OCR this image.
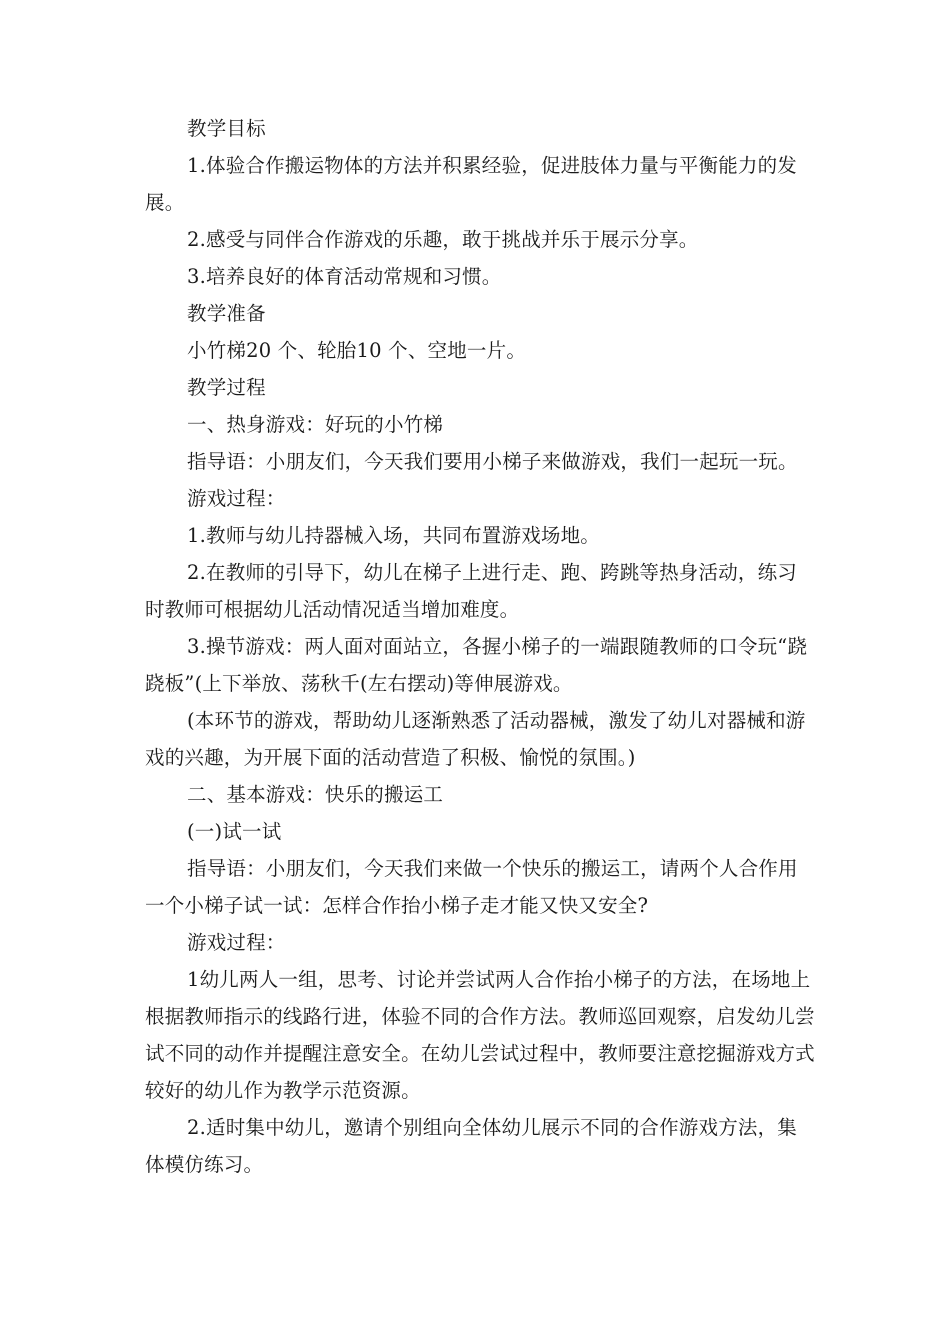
教学目标

1.体验合作搬运物体的方法并积累经验，促进肢体力量与平衡能力的发展。

2.感受与同伴合作游戏的乐趣，敢于挑战并乐于展示分享。

3.培养良好的体育活动常规和习惯。

教学准备

小竹梯20 个、轮胎10 个、空地一片。

教学过程

一、热身游戏：好玩的小竹梯

指导语：小朋友们，今天我们要用小梯子来做游戏，我们一起玩一玩。

游戏过程：

1.教师与幼儿持器械入场，共同布置游戏场地。

2.在教师的引导下，幼儿在梯子上进行走、跑、跨跳等热身活动，练习时教师可根据幼儿活动情况适当增加难度。

3.操节游戏：两人面对面站立，各握小梯子的一端跟随教师的口令玩“跷跷板”(上下举放、荡秋千(左右摆动)等伸展游戏。

(本环节的游戏，帮助幼儿逐渐熟悉了活动器械，激发了幼儿对器械和游戏的兴趣，为开展下面的活动营造了积极、愉悦的氛围。)

二、基本游戏：快乐的搬运工

(一)试一试

指导语：小朋友们，今天我们来做一个快乐的搬运工，请两个人合作用一个小梯子试一试：怎样合作抬小梯子走才能又快又安全?

游戏过程：

1幼儿两人一组，思考、讨论并尝试两人合作抬小梯子的方法，在场地上根据教师指示的线路行进，体验不同的合作方法。教师巡回观察，启发幼儿尝试不同的动作并提醒注意安全。在幼儿尝试过程中，教师要注意挖掘游戏方式较好的幼儿作为教学示范资源。

2.适时集中幼儿，邀请个别组向全体幼儿展示不同的合作游戏方法，集体模仿练习。
